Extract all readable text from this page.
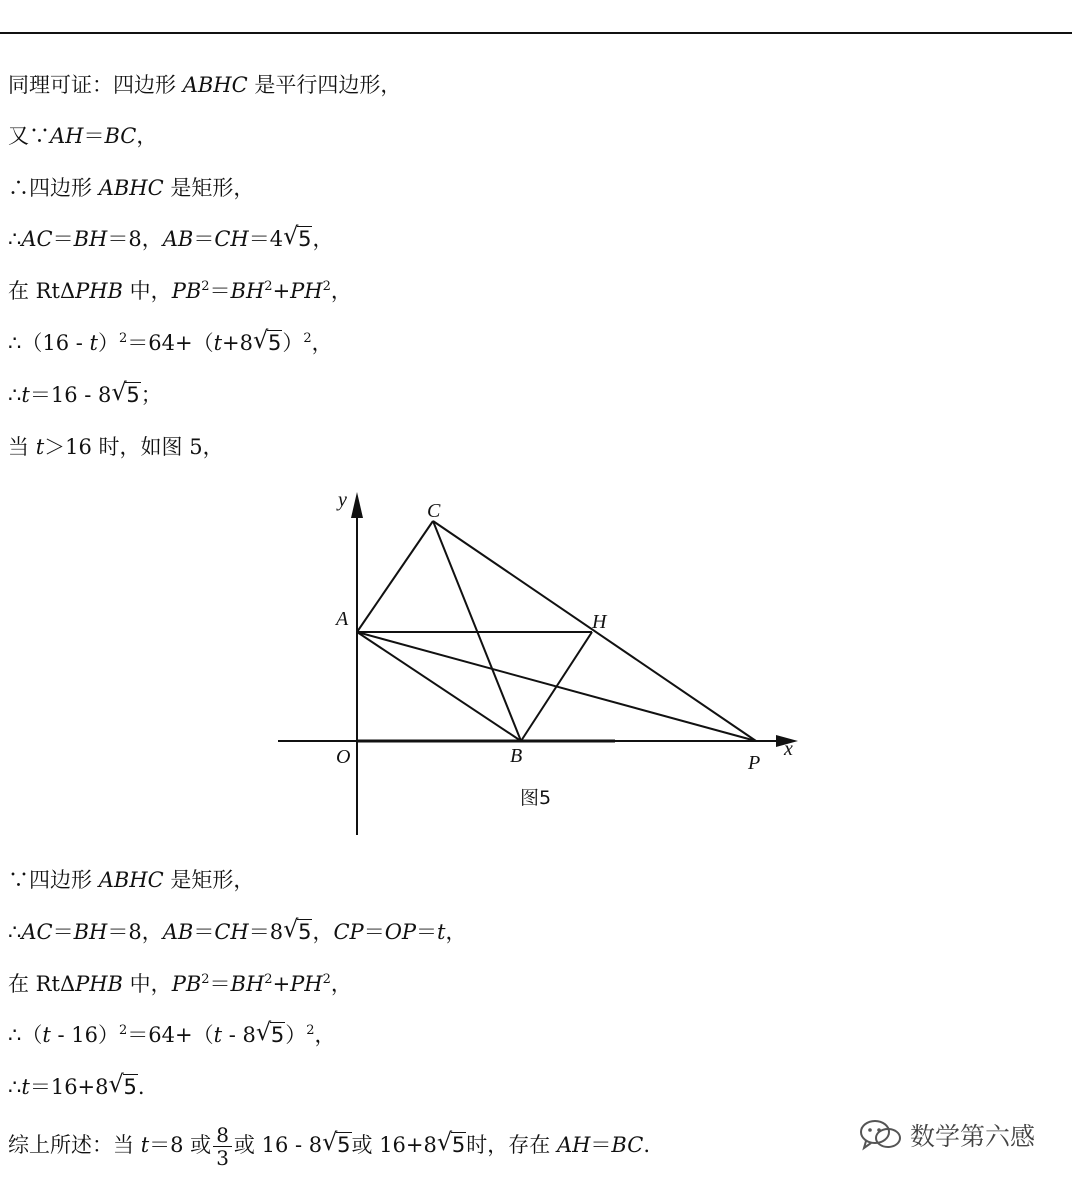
同理可证：四边形 ABHC 是平行四边形，
又∵AH＝BC，
∴四边形 ABHC 是矩形，
∴AC＝BH＝8，AB＝CH＝4 √ 5，
在 RtΔPHB 中，$PB^2=BH^2+PH^2$，
∴（16 - t）$^2$＝64+（t+8 √ 5）$^2$，
∴t＝16 - 8 √ 5；
当 t＞16 时，如图 5，
y
x
O
A
B
C
H
P
图5
∵四边形 ABHC 是矩形，
∴AC＝BH＝8，AB＝CH＝8 √ 5，CP＝OP＝t，
在 RtΔPHB 中，$PB^2=BH^2+PH^2$，
∴（t - 16）$^2$＝64+（t - 8 √ 5）$^2$，
∴t＝16+8 √ 5.
综上所述：当 t＝8 或 $\frac{8}{3}$ 或 16 - 8 √ 5或 16+8 √ 5时，存在 AH＝BC.	数学第六感
